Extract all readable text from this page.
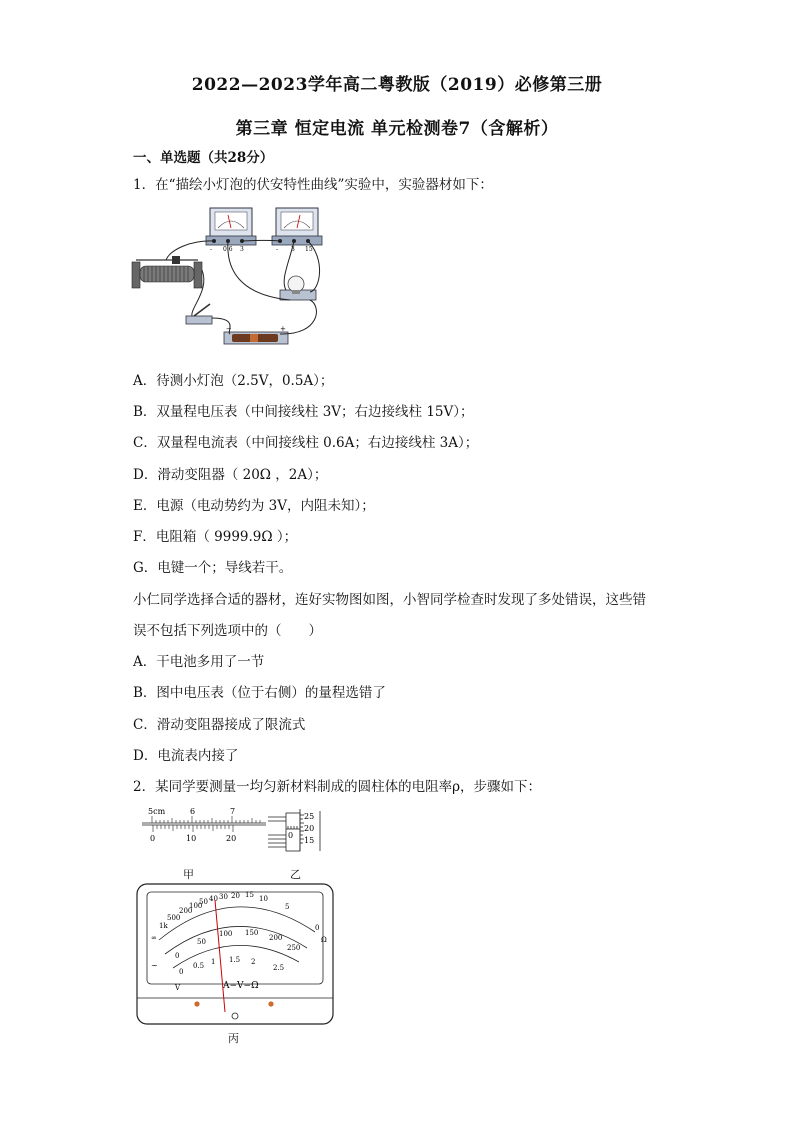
2022—2023学年高二粤教版（2019）必修第三册
第三章 恒定电流 单元检测卷7（含解析）
一、单选题（共28分）
1．在“描绘小灯泡的伏安特性曲线”实验中，实验器材如下：
- 0.6 3	- 3 15
−	+
A．待测小灯泡（2.5V，0.5A）；
B．双量程电压表（中间接线柱 3V；右边接线柱 15V）；
C．双量程电流表（中间接线柱 0.6A；右边接线柱 3A）；
D．滑动变阻器（ 20Ω ，2A）；
E．电源（电动势约为 3V，内阻未知）；
F．电阻箱（ 9999.9Ω ）；
G．电键一个；导线若干。
小仁同学选择合适的器材，连好实物图如图，小智同学检查时发现了多处错误，这些错
误不包括下列选项中的（　　）
A．干电池多用了一节
B．图中电压表（位于右侧）的量程选错了
C．滑动变阻器接成了限流式
D．电流表内接了
2．某同学要测量一均匀新材料制成的圆柱体的电阻率ρ，步骤如下：
5cm	6	7
0	10	20
25
20
15
0
甲	乙
∞
1k
500
200
100
50 40 30 20 15 10
5
0
Ω
0
50
100 150
200
250
0
0.5 1 1.5 2
2.5
~
V	A−V−Ω
丙
